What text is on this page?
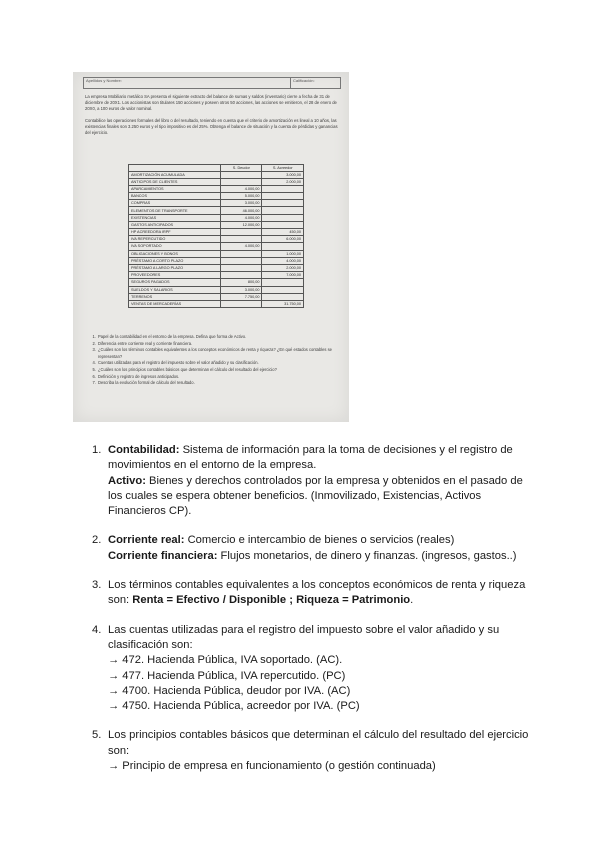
Apellidos y Nombre:	Calificación:

La empresa Mobiliario metálico SA presenta el siguiente extracto del balance de sumas y saldos (inventario) cierre a fecha de 31 de diciembre de 20X1. Los accionistas son titulares 150 acciones y poseen otros 50 acciones, las acciones se emitieron, el 28 de enero de 20X0, a 100 euros de valor nominal.

Contabilice las operaciones formales del libro o del resultado, teniendo en cuenta que el criterio de amortización es lineal a 10 años, las existencias finales son 3.250 euros y el tipo impositivo es del 25%. Obtenga el balance de situación y la cuenta de pérdidas y ganancias del ejercicio.

	S. Deudor	S. Acreedor
AMORTIZACIÓN ACUMULADA		3.000,00
ANTICIPOS DE CLIENTES		2.000,00
APARCAMIENTOS	4.000,00	
BANCOS	5.000,00	
COMPRAS	3.000,00	
ELEMENTOS DE TRANSPORTE	46.000,00	
EXISTENCIAS	4.000,00	
GASTOS ANTICIPADOS	12.000,00	
HP ACREEDORA IRPF		450,00
IVA REPERCUTIDO		6.000,00
IVA SOPORTADO	4.000,00	
OBLIGACIONES Y BONOS		1.000,00
PRÉSTAMO A CORTO PLAZO		4.000,00
PRÉSTAMO A LARGO PLAZO		2.000,00
PROVEEDORES		7.000,00
SEGUROS PAGADOS	800,00	
SUELDOS Y SALARIOS	3.000,00	
TERRENOS	7.750,00	
VENTAS DE MERCADERÍAS		31.750,00
1. Papel de la contabilidad en el entorno de la empresa. Defina que forma de Activo.
2. Diferencia entre corriente real y corriente financiera.
3. ¿Cuáles son los términos contables equivalentes a los conceptos económicos de renta y riqueza? ¿En qué estados contables se representan?
4. Cuentas utilizadas para el registro del impuesto sobre el valor añadido y su clasificación.
5. ¿Cuáles son los principios contables básicos que determinan el cálculo del resultado del ejercicio?
6. Definición y registro de ingresos anticipados.
7. Describa la evolución formal de cálculo del resultado.
1. Contabilidad: Sistema de información para la toma de decisiones y el registro de
movimientos en el entorno de la empresa.
Activo: Bienes y derechos controlados por la empresa y obtenidos en el pasado de
los cuales se espera obtener beneficios. (Inmovilizado, Existencias, Activos
Financieros CP).
2. Corriente real: Comercio e intercambio de bienes o servicios (reales)
Corriente financiera: Flujos monetarios, de dinero y finanzas. (ingresos, gastos..)
3. Los términos contables equivalentes a los conceptos económicos de renta y riqueza
son: Renta = Efectivo / Disponible ; Riqueza = Patrimonio.
4. Las cuentas utilizadas para el registro del impuesto sobre el valor añadido y su
clasificación son:
→ 472. Hacienda Pública, IVA soportado. (AC).
→ 477. Hacienda Pública, IVA repercutido. (PC)
→ 4700. Hacienda Pública, deudor por IVA. (AC)
→ 4750. Hacienda Pública, acreedor por IVA. (PC)
5. Los principios contables básicos que determinan el cálculo del resultado del ejercicio
son:
→ Principio de empresa en funcionamiento (o gestión continuada)
